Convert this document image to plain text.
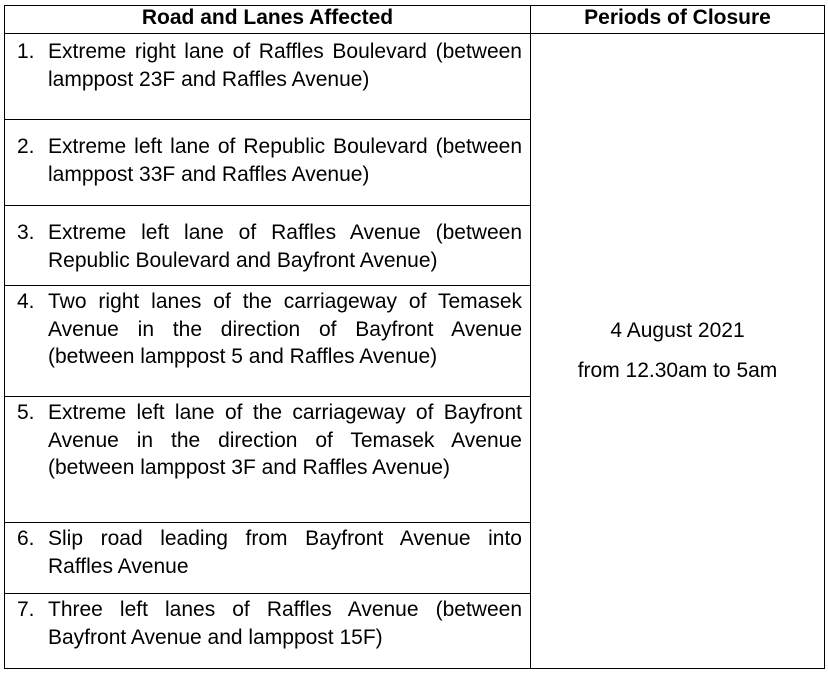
Road and Lanes Affected	Periods of Closure

1. Extreme right lane of Raffles Boulevard (between lamppost 23F and Raffles Avenue)	4 August 2021
from 12.30am to 5am

2. Extreme left lane of Republic Boulevard (between lamppost 33F and Raffles Avenue)	

3. Extreme left lane of Raffles Avenue (between Republic Boulevard and Bayfront Avenue)	

4. Two right lanes of the carriageway of Temasek Avenue in the direction of Bayfront Avenue (between lamppost 5 and Raffles Avenue)	

5. Extreme left lane of the carriageway of Bayfront Avenue in the direction of Temasek Avenue (between lamppost 3F and Raffles Avenue)	

6. Slip road leading from Bayfront Avenue into Raffles Avenue	

7. Three left lanes of Raffles Avenue (between Bayfront Avenue and lamppost 15F)	
